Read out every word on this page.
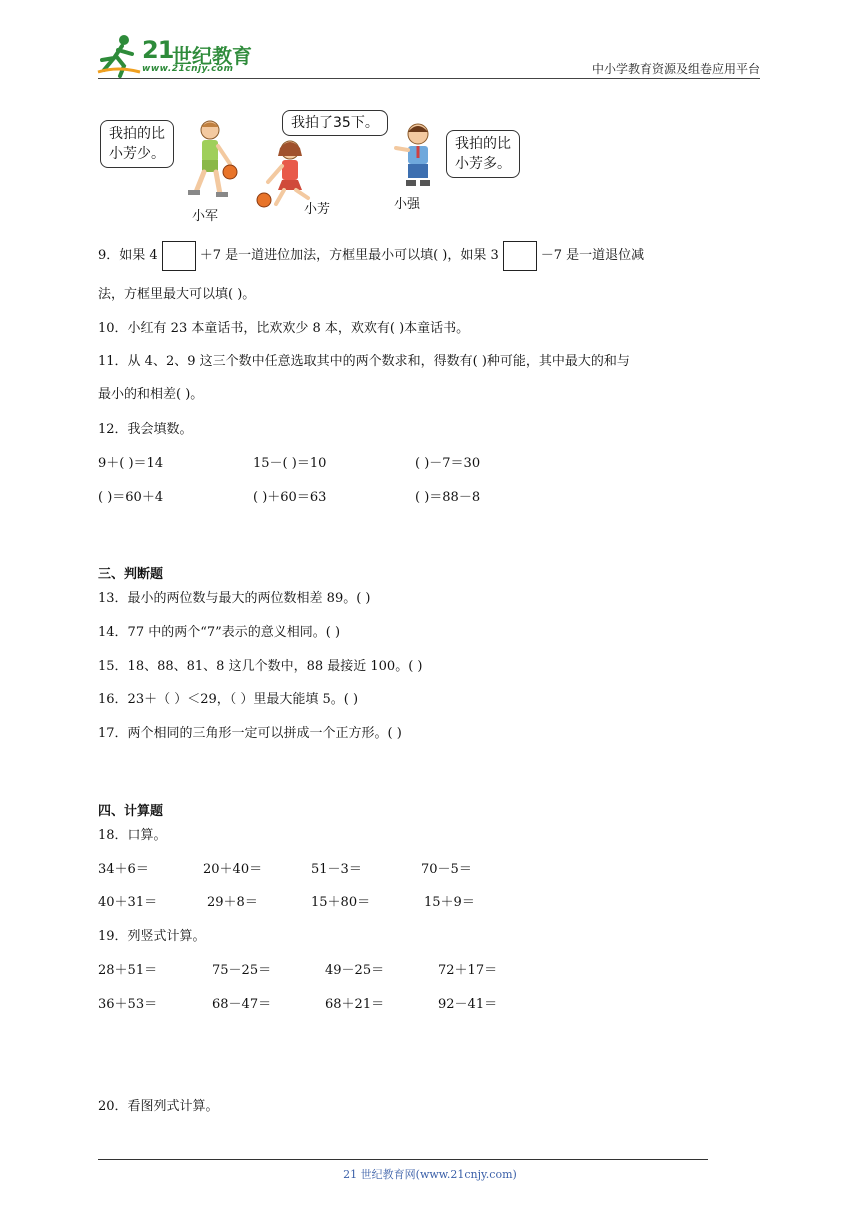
21
世纪教育
www.21cnjy.com	中小学教育资源及组卷应用平台
我拍的比
小芳少。
我拍了35下。
我拍的比
小芳多。
小军	小芳	小强
9．如果 4	＋7 是一道进位加法，方框里最小可以填( )，如果 3	－7 是一道退位减
法，方框里最大可以填( )。
10．小红有 23 本童话书，比欢欢少 8 本，欢欢有( )本童话书。
11．从 4、2、9 这三个数中任意选取其中的两个数求和，得数有( )种可能，其中最大的和与
最小的和相差( )。
12．我会填数。
9＋( )＝14	15－( )＝10	( )－7＝30
( )＝60＋4	( )＋60＝63	( )＝88－8
三、判断题
13．最小的两位数与最大的两位数相差 89。( )
14．77 中的两个“7”表示的意义相同。( )
15．18、88、81、8 这几个数中，88 最接近 100。( )
16．23＋（ ）＜29，（ ）里最大能填 5。( )
17．两个相同的三角形一定可以拼成一个正方形。( )
四、计算题
18．口算。
34＋6＝	20＋40＝	51－3＝	70－5＝
40＋31＝	29＋8＝	15＋80＝	15＋9＝
19．列竖式计算。
28＋51＝	75－25＝	49－25＝	72＋17＝
36＋53＝	68－47＝	68＋21＝	92－41＝
20．看图列式计算。
21 世纪教育网(www.21cnjy.com)
